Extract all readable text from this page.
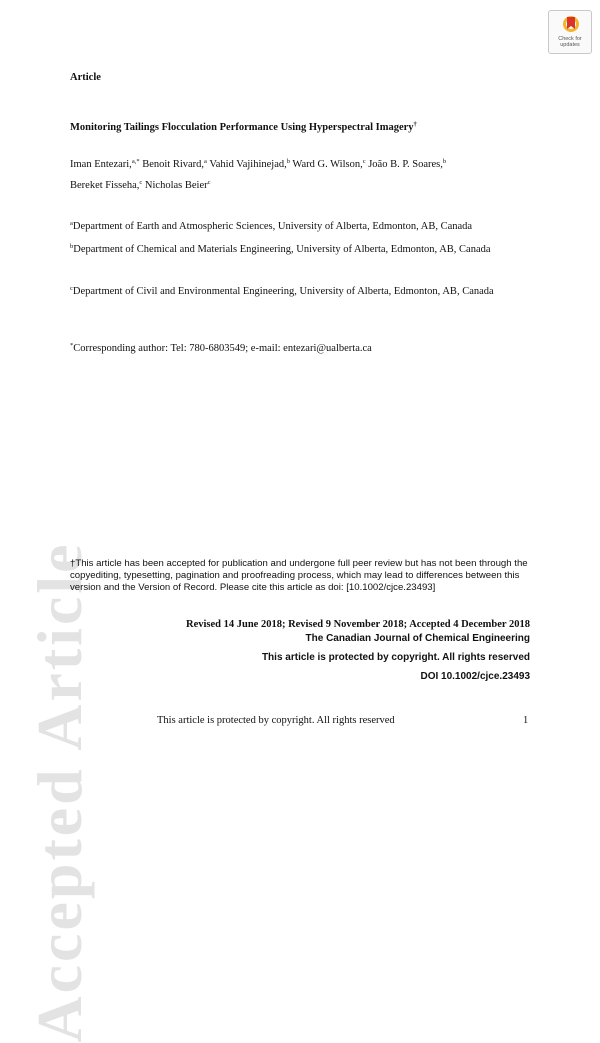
Accepted Article
Check for
updates
Article
Monitoring Tailings Flocculation Performance Using Hyperspectral Imagery†
Iman Entezari,$^{a,*}$ Benoit Rivard,$^a$ Vahid Vajihinejad,$^b$ Ward G. Wilson,$^c$ João B. P. Soares,$^b$
Bereket Fisseha,$^c$ Nicholas Beier$^c$
$^a$Department of Earth and Atmospheric Sciences, University of Alberta, Edmonton, AB, Canada
$^b$Department of Chemical and Materials Engineering, University of Alberta, Edmonton, AB, Canada
$^c$Department of Civil and Environmental Engineering, University of Alberta, Edmonton, AB, Canada
*Corresponding author: Tel: 780-6803549; e-mail: entezari@ualberta.ca
†This article has been accepted for publication and undergone full peer review but has not been through the copyediting, typesetting, pagination and proofreading process, which may lead to differences between this version and the Version of Record. Please cite this article as doi: [10.1002/cjce.23493]
Revised 14 June 2018; Revised 9 November 2018; Accepted 4 December 2018
The Canadian Journal of Chemical Engineering
This article is protected by copyright. All rights reserved
DOI 10.1002/cjce.23493
This article is protected by copyright. All rights reserved	1
